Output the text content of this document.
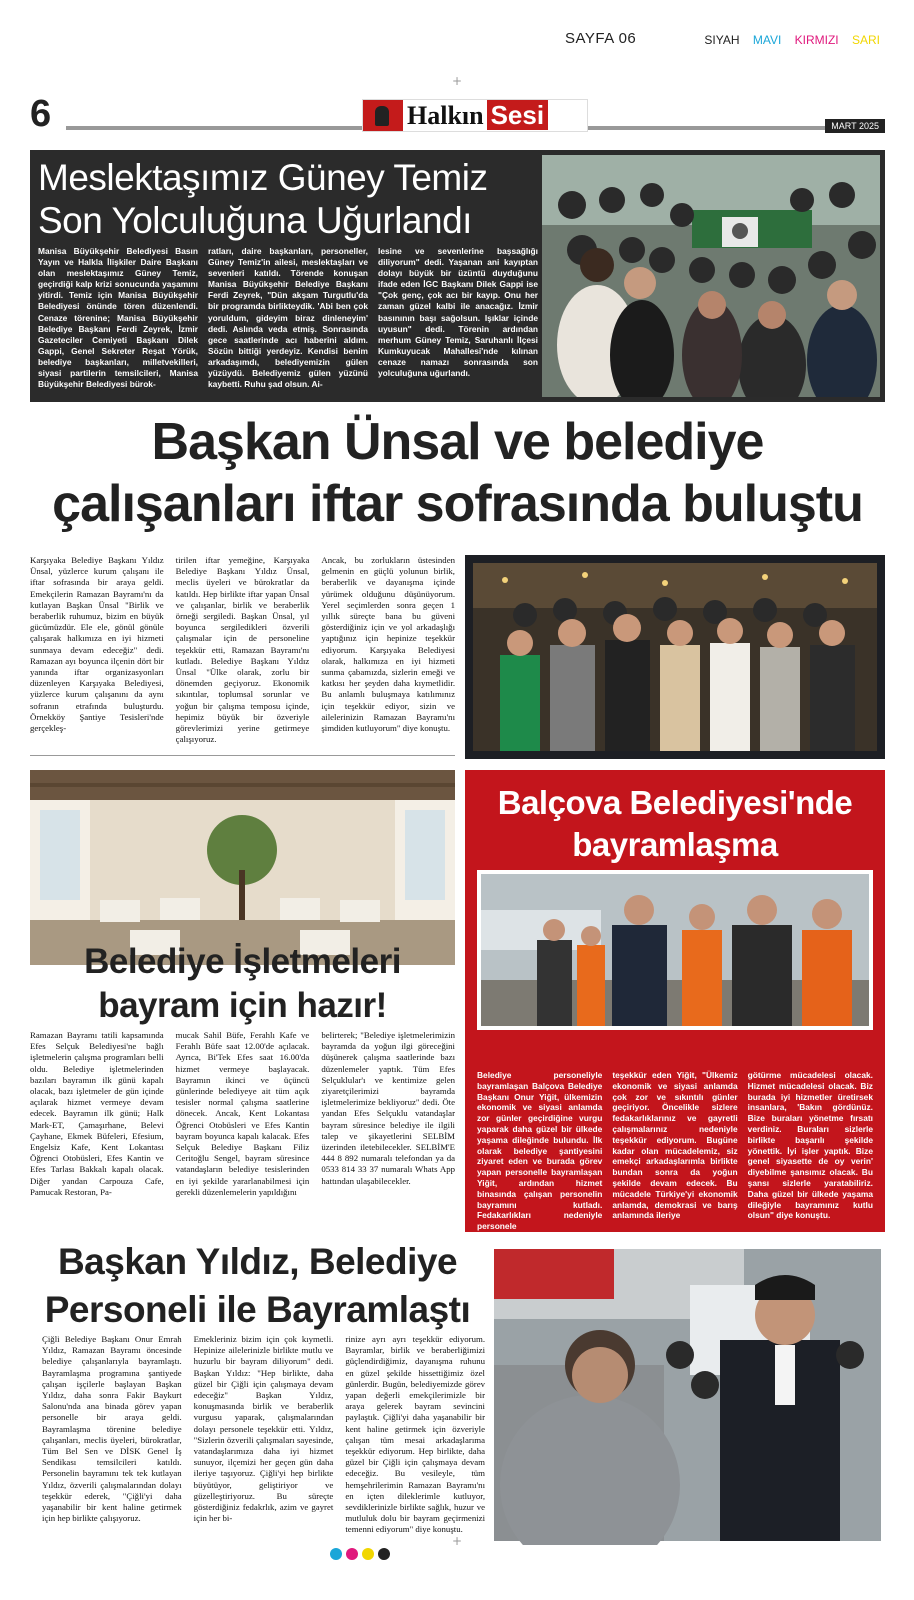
SAYFA 06	SIYAH MAVI KIRMIZI SARI
+
6	Halkın Sesi	MART 2025
Meslektaşımız Güney Temiz Son Yolculuğuna Uğurlandı

Manisa Büyükşehir Belediyesi Basın Yayın ve Halkla İlişkiler Daire Başkanı olan meslektaşımız Güney Temiz, geçirdiği kalp krizi sonucunda yaşamını yitirdi. Temiz için Manisa Büyükşehir Belediyesi önünde tören düzenlendi. Cenaze törenine; Manisa Büyükşehir Belediye Başkanı Ferdi Zeyrek, İzmir Gazeteciler Cemiyeti Başkanı Dilek Gappi, Genel Sekreter Reşat Yörük, belediye başkanları, milletvekilleri, siyasi partilerin temsilcileri, Manisa Büyükşehir Belediyesi bürok-

ratları, daire başkanları, personeller, Güney Temiz'in ailesi, meslektaşları ve sevenleri katıldı. Törende konuşan Manisa Büyükşehir Belediye Başkanı Ferdi Zeyrek, "Dün akşam Turgutlu'da bir programda birlikteydik. 'Abi ben çok yoruldum, gideyim biraz dinleneyim' dedi. Aslında veda etmiş. Sonrasında gece saatlerinde acı haberini aldım. Sözün bittiği yerdeyiz. Kendisi benim arkadaşımdı, belediyemizin gülen yüzüydü. Belediyemiz gülen yüzünü kaybetti. Ruhu şad olsun. Ai-

lesine ve sevenlerine başsağlığı diliyorum" dedi. Yaşanan ani kayıptan dolayı büyük bir üzüntü duyduğunu ifade eden İGC Başkanı Dilek Gappi ise "Çok genç, çok acı bir kayıp. Onu her zaman güzel kalbi ile anacağız. İzmir basınının başı sağolsun. Işıklar içinde uyusun" dedi. Törenin ardından merhum Güney Temiz, Saruhanlı İlçesi Kumkuyucak Mahallesi'nde kılınan cenaze namazı sonrasında son yolculuğuna uğurlandı.

Başkan Ünsal ve belediye çalışanları iftar sofrasında buluştu

Karşıyaka Belediye Başkanı Yıldız Ünsal, yüzlerce kurum çalışanı ile iftar sofrasında bir araya geldi. Emekçilerin Ramazan Bayramı'nı da kutlayan Başkan Ünsal "Birlik ve beraberlik ruhumuz, bizim en büyük gücümüzdür. Ele ele, gönül gönüle çalışarak halkımıza en iyi hizmeti sunmaya devam edeceğiz" dedi. Ramazan ayı boyunca ilçenin dört bir yanında iftar organizasyonları düzenleyen Karşıyaka Belediyesi, yüzlerce kurum çalışanını da aynı sofranın etrafında buluşturdu. Örnekköy Şantiye Tesisleri'nde gerçekleş-

tirilen iftar yemeğine, Karşıyaka Belediye Başkanı Yıldız Ünsal, meclis üyeleri ve bürokratlar da katıldı. Hep birlikte iftar yapan Ünsal ve çalışanlar, birlik ve beraberlik örneği sergiledi. Başkan Ünsal, yıl boyunca sergiledikleri özverili çalışmalar için de personeline teşekkür etti, Ramazan Bayramı'nı kutladı. Belediye Başkanı Yıldız Ünsal "Ülke olarak, zorlu bir dönemden geçiyoruz. Ekonomik sıkıntılar, toplumsal sorunlar ve yoğun bir çalışma temposu içinde, hepimiz büyük bir özveriyle görevlerimizi yerine getirmeye çalışıyoruz.

Ancak, bu zorlukların üstesinden gelmenin en güçlü yolunun birlik, beraberlik ve dayanışma içinde yürümek olduğunu düşünüyorum. Yerel seçimlerden sonra geçen 1 yıllık süreçte bana bu güveni gösterdiğiniz için ve yol arkadaşlığı yaptığınız için hepinize teşekkür ediyorum. Karşıyaka Belediyesi olarak, halkımıza en iyi hizmeti sunma çabamızda, sizlerin emeği ve katkısı her şeyden daha kıymetlidir. Bu anlamlı buluşmaya katılımınız için teşekkür ediyor, sizin ve ailelerinizin Ramazan Bayramı'nı şimdiden kutluyorum" diye konuştu.

Belediye İşletmeleri bayram için hazır!

Ramazan Bayramı tatili kapsamında Efes Selçuk Belediyesi'ne bağlı işletmelerin çalışma programları belli oldu. Belediye işletmelerinden bazıları bayramın ilk günü kapalı olacak, bazı işletmeler de gün içinde açılarak hizmet vermeye devam edecek. Bayramın ilk günü; Halk Mark-ET, Çamaşırhane, Belevi Çayhane, Ekmek Büfeleri, Efesium, Engelsiz Kafe, Kent Lokantası Öğrenci Otobüsleri, Efes Kantin ve Efes Tarlası Bakkalı kapalı olacak. Diğer yandan Carpouza Cafe, Pamucak Restoran, Pa-

mucak Sahil Büfe, Ferahlı Kafe ve Ferahlı Büfe saat 12.00'de açılacak. Ayrıca, Bi'Tek Efes saat 16.00'da hizmet vermeye başlayacak. Bayramın ikinci ve üçüncü günlerinde belediyeye ait tüm açık tesisler normal çalışma saatlerine dönecek. Ancak, Kent Lokantası Öğrenci Otobüsleri ve Efes Kantin bayram boyunca kapalı kalacak. Efes Selçuk Belediye Başkanı Filiz Ceritoğlu Sengel, bayram süresince vatandaşların belediye tesislerinden en iyi şekilde yararlanabilmesi için gerekli düzenlemelerin yapıldığını

belirterek; "Belediye işletmelerimizin bayramda da yoğun ilgi göreceğini düşünerek çalışma saatlerinde bazı düzenlemeler yaptık. Tüm Efes Selçuklular'ı ve kentimize gelen ziyaretçilerimizi bayramda işletmelerimize bekliyoruz" dedi. Öte yandan Efes Selçuklu vatandaşlar bayram süresince belediye ile ilgili talep ve şikayetlerini SELBİM üzerinden iletebilecekler. SELBİM'E 444 8 892 numaralı telefondan ya da 0533 814 33 37 numaralı Whats App hattından ulaşabilecekler.

Balçova Belediyesi'nde bayramlaşma

Belediye personeliyle bayramlaşan Balçova Belediye Başkanı Onur Yiğit, ülkemizin ekonomik ve siyasi anlamda zor günler geçirdiğine vurgu yaparak daha güzel bir ülkede yaşama dileğinde bulundu. İlk olarak belediye şantiyesini ziyaret eden ve burada görev yapan personelle bayramlaşan Yiğit, ardından hizmet binasında çalışan personelin bayramını kutladı. Fedakarlıkları nedeniyle personele

teşekkür eden Yiğit, "Ülkemiz ekonomik ve siyasi anlamda çok zor ve sıkıntılı günler geçiriyor. Öncelikle sizlere fedakarlıklarınız ve gayretli çalışmalarınız nedeniyle teşekkür ediyorum. Bugüne kadar olan mücadelemiz, siz emekçi arkadaşlarımla birlikte bundan sonra da yoğun şekilde devam edecek. Bu mücadele Türkiye'yi ekonomik anlamda, demokrasi ve barış anlamında ileriye

götürme mücadelesi olacak. Hizmet mücadelesi olacak. Biz burada iyi hizmetler üretirsek insanlara, 'Bakın gördünüz. Bize buraları yönetme fırsatı verdiniz. Buraları sizlerle birlikte başarılı şekilde yönettik. İyi işler yaptık. Bize genel siyasette de oy verin' diyebilme şansımız olacak. Bu şansı sizlerle yaratabiliriz. Daha güzel bir ülkede yaşama dileğiyle bayramınız kutlu olsun" diye konuştu.

Başkan Yıldız, Belediye Personeli ile Bayramlaştı

Çiğli Belediye Başkanı Onur Emrah Yıldız, Ramazan Bayramı öncesinde belediye çalışanlarıyla bayramlaştı. Bayramlaşma programına şantiyede çalışan işçilerle başlayan Başkan Yıldız, daha sonra Fakir Baykurt Salonu'nda ana binada görev yapan personelle bir araya geldi. Bayramlaşma törenine belediye çalışanları, meclis üyeleri, bürokratlar, Tüm Bel Sen ve DİSK Genel İş Sendikası temsilcileri katıldı. Personelin bayramını tek tek kutlayan Yıldız, özverili çalışmalarından dolayı teşekkür ederek, "Çiğli'yi daha yaşanabilir bir kent haline getirmek için hep birlikte çalışıyoruz.

Emekleriniz bizim için çok kıymetli. Hepinize ailelerinizle birlikte mutlu ve huzurlu bir bayram diliyorum" dedi. Başkan Yıldız: "Hep birlikte, daha güzel bir Çiğli için çalışmaya devam edeceğiz" Başkan Yıldız, konuşmasında birlik ve beraberlik vurgusu yaparak, çalışmalarından dolayı personele teşekkür etti. Yıldız, "Sizlerin özverili çalışmaları sayesinde, vatandaşlarımıza daha iyi hizmet sunuyor, ilçemizi her geçen gün daha ileriye taşıyoruz. Çiğli'yi hep birlikte büyütüyor, geliştiriyor ve güzelleştiriyoruz. Bu süreçte gösterdiğiniz fedakrlık, azim ve gayret için her bi-

rinize ayrı ayrı teşekkür ediyorum. Bayramlar, birlik ve beraberliğimizi güçlendirdiğimiz, dayanışma ruhunu en güzel şekilde hissettiğimiz özel günlerdir. Bugün, belediyemizde görev yapan değerli emekçilerimizle bir araya gelerek bayram sevincini paylaştık. Çiğli'yi daha yaşanabilir bir kent haline getirmek için özveriyle çalışan tüm mesai arkadaşlarıma teşekkür ediyorum. Hep birlikte, daha güzel bir Çiğli için çalışmaya devam edeceğiz. Bu vesileyle, tüm hemşehrilerimin Ramazan Bayramı'nı en içten dileklerimle kutluyor, sevdiklerinizle birlikte sağlık, huzur ve mutluluk dolu bir bayram geçirmenizi temenni ediyorum" diye konuştu.

+
